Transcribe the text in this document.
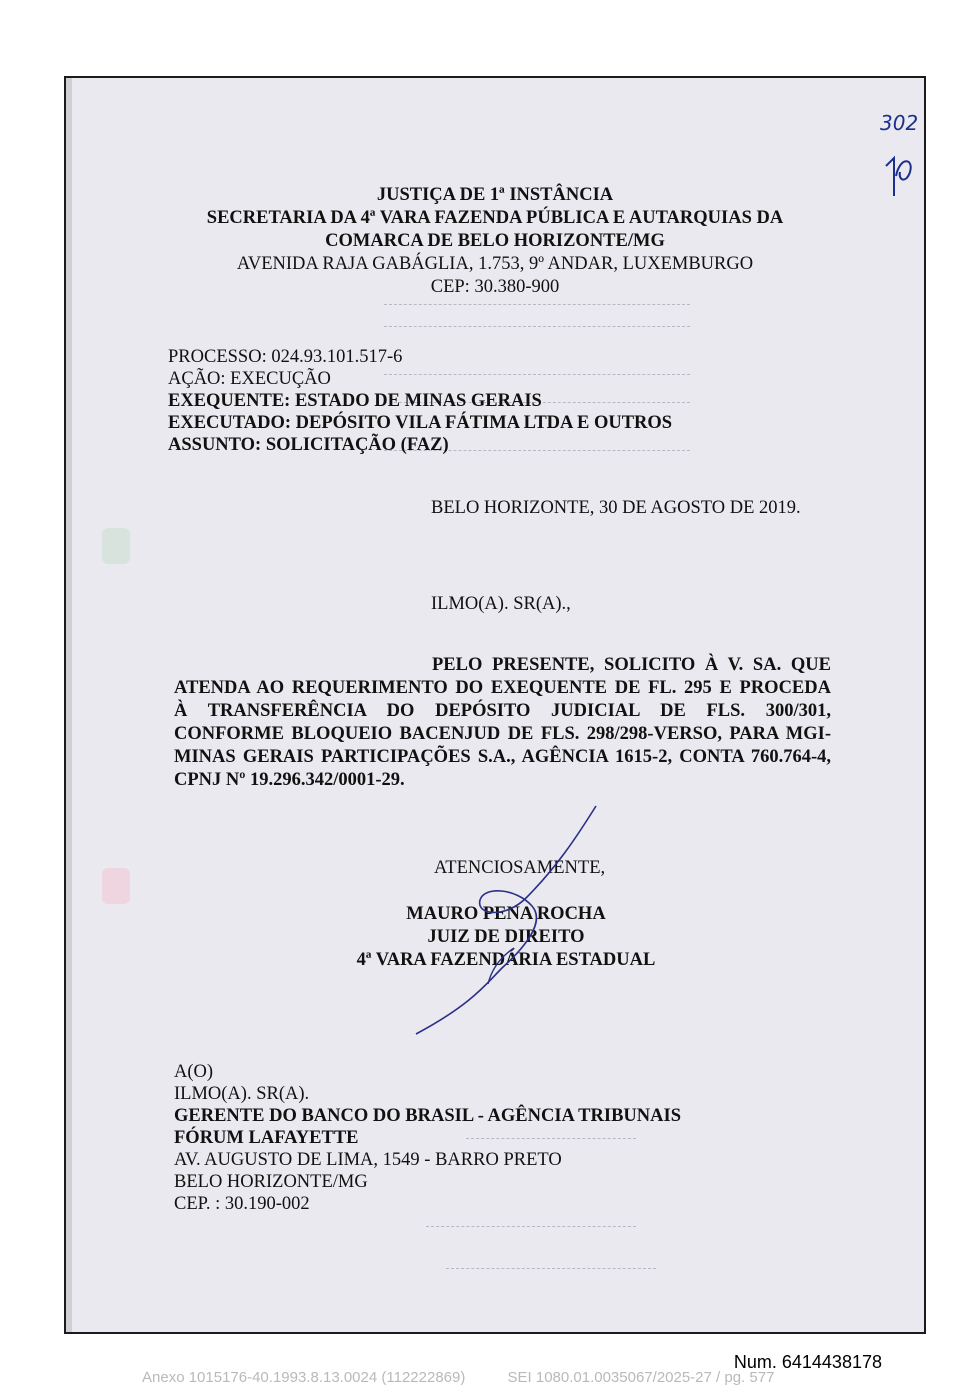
302
JUSTIÇA DE 1ª INSTÂNCIA
SECRETARIA DA 4ª VARA FAZENDA PÚBLICA E AUTARQUIAS DA
COMARCA DE BELO HORIZONTE/MG
AVENIDA RAJA GABÁGLIA, 1.753, 9º ANDAR, LUXEMBURGO
CEP: 30.380-900
PROCESSO: 024.93.101.517-6
AÇÃO: EXECUÇÃO
EXEQUENTE: ESTADO DE MINAS GERAIS
EXECUTADO: DEPÓSITO VILA FÁTIMA LTDA E OUTROS
ASSUNTO: SOLICITAÇÃO (FAZ)
BELO HORIZONTE, 30 DE AGOSTO DE 2019.
ILMO(A). SR(A).,
PELO PRESENTE, SOLICITO À V. SA. QUE
ATENDA AO REQUERIMENTO DO EXEQUENTE DE FL. 295 E PROCEDA
À TRANSFERÊNCIA DO DEPÓSITO JUDICIAL DE FLS. 300/301,
CONFORME BLOQUEIO BACENJUD DE FLS. 298/298-VERSO, PARA MGI-
MINAS GERAIS PARTICIPAÇÕES S.A., AGÊNCIA 1615-2, CONTA 760.764-4,
CPNJ Nº 19.296.342/0001-29.
ATENCIOSAMENTE,
MAURO PENA ROCHA
JUIZ DE DIREITO
4ª VARA FAZENDÁRIA ESTADUAL
A(O)
ILMO(A). SR(A).
GERENTE DO BANCO DO BRASIL - AGÊNCIA TRIBUNAIS
FÓRUM LAFAYETTE
AV. AUGUSTO DE LIMA, 1549 - BARRO PRETO
BELO HORIZONTE/MG
CEP. : 30.190-002
Num. 6414438178
Anexo 1015176-40.1993.8.13.0024 (112222869)	SEI 1080.01.0035067/2025-27 / pg. 577
